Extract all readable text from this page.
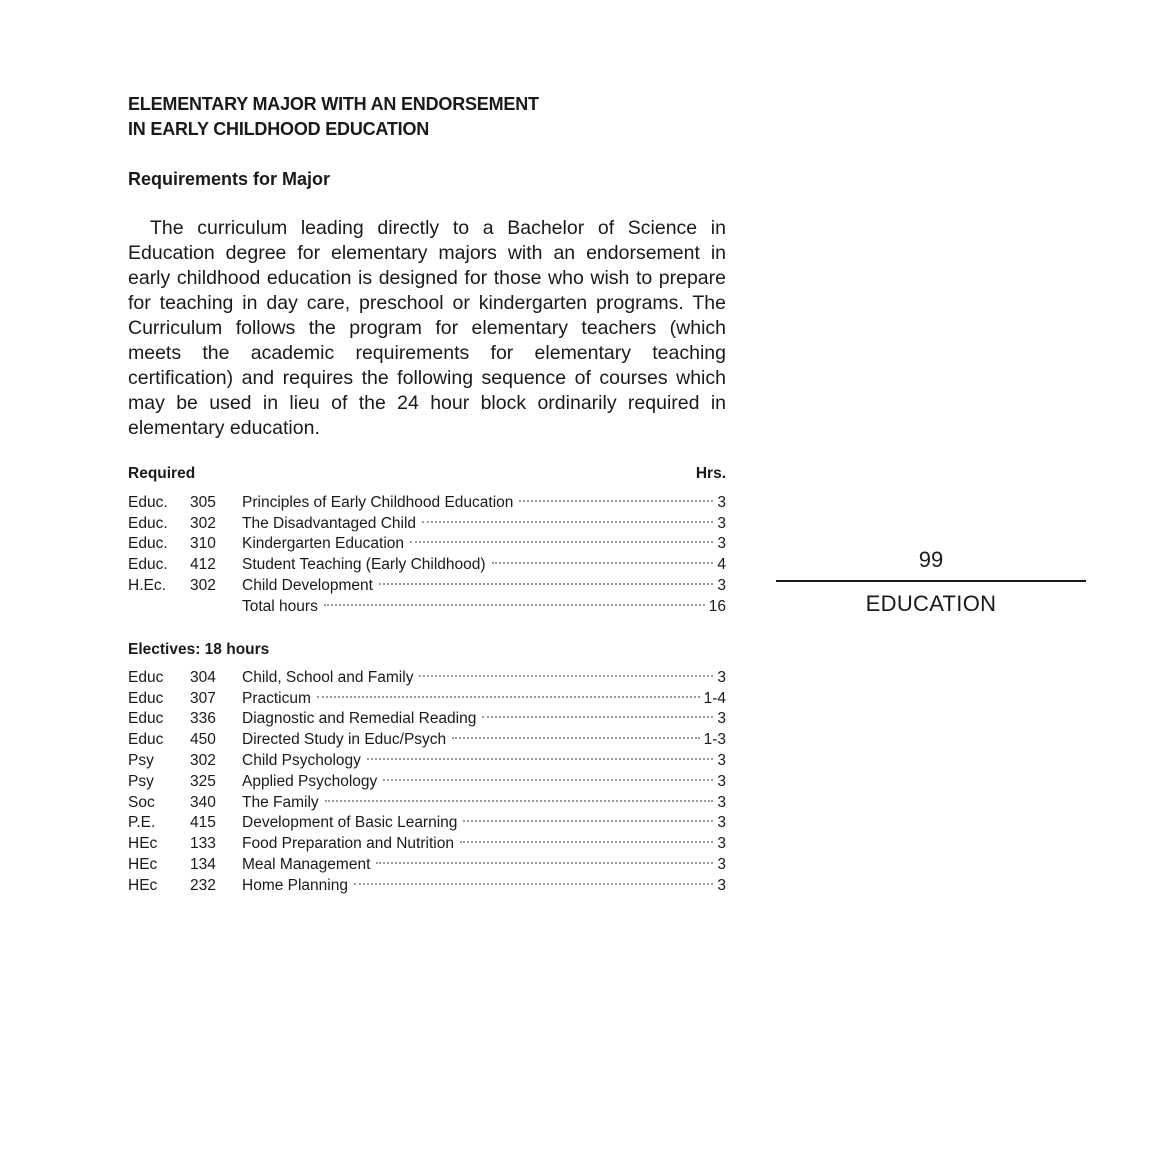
ELEMENTARY MAJOR WITH AN ENDORSEMENT
IN EARLY CHILDHOOD EDUCATION
Requirements for Major

The curriculum leading directly to a Bachelor of Science in Education degree for elementary majors with an endorsement in early childhood education is designed for those who wish to prepare for teaching in day care, preschool or kindergarten programs. The Curriculum follows the program for elementary teachers (which meets the academic requirements for elementary teaching certification) and requires the following sequence of courses which may be used in lieu of the 24 hour block ordinarily required in elementary education.

Required	Hrs.
Educ.	305	Principles of Early Childhood Education	3
Educ.	302	The Disadvantaged Child	3
Educ.	310	Kindergarten Education	3
Educ.	412	Student Teaching (Early Childhood)	4
H.Ec.	302	Child Development	3
Total hours	16
Electives: 18 hours
Educ	304	Child, School and Family	3
Educ	307	Practicum	1-4
Educ	336	Diagnostic and Remedial Reading	3
Educ	450	Directed Study in Educ/Psych	1-3
Psy	302	Child Psychology	3
Psy	325	Applied Psychology	3
Soc	340	The Family	3
P.E.	415	Development of Basic Learning	3
HEc	133	Food Preparation and Nutrition	3
HEc	134	Meal Management	3
HEc	232	Home Planning	3
99
EDUCATION
